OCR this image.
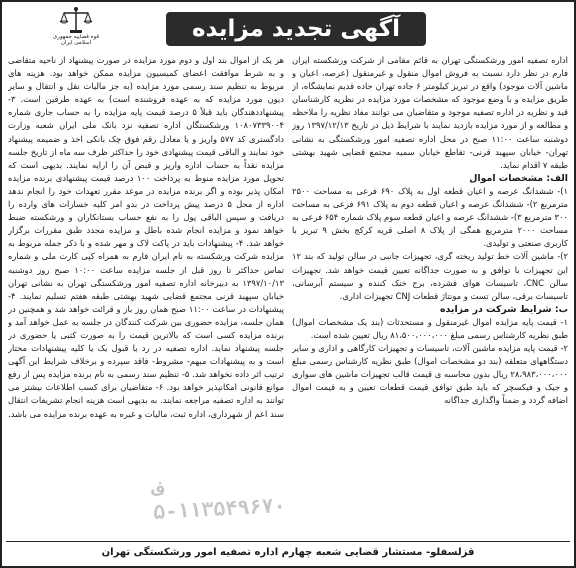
آگهی تجدید مزایده
قوه قضاییه جمهوری اسلامی ایران

اداره تصفیه امور ورشکستگی تهران به قائم مقامی از شرکت ورشکسته ایران فارم در نظر دارد نسبت به فروش اموال منقول و غیرمنقول (عرصه، اعیان و ماشین آلات موجود) واقع در تبریز کیلومتر ۶ جاده تهران جاده قدیم نمایشگاه، از طریق مزایده و با وضع موجود که مشخصات مورد مزایده در نظریه کارشناسان قید و نظریه در اداره تصفیه موجود و متقاضیان می توانند مفاد نظریه را ملاحظه و مطالعه و از مورد مزایده بازدید نمایند با شرایط ذیل در تاریخ ۱۳۹۷/۱۲/۱۳ روز دوشنبه ساعت ۱۱:۰۰ صبح در محل اداره تصفیه امور ورشکستگی به نشانی تهران- خیابان سپهبد قرنی- تقاطع خیابان سمیه مجتمع قضایی شهید بهشتی طبقه ۷ اقدام نماید.

الف: مشخصات اموال

۱)- ششدانگ عرصه و اعیان قطعه اول به پلاک ۶۹۰ فرعی به مساحت ۲۵۰۰ مترمربع ۲)- ششدانگ عرصه و اعیان قطعه دوم به پلاک ۶۹۱ فرعی به مساحت ۳۰۰ مترمربع ۳)- ششدانگ عرصه و اعیان قطعه سوم پلاک شماره ۶۵۴ فرعی به مساحت ۲۰۰۰ مترمربع همگی از پلاک ۸ اصلی قریه کرکج بخش ۹ تبریز با کاربری صنعتی و تولیدی.

۲)- ماشین آلات خط تولید ریخته گری، تجهیزات جانبی در سالن تولید که بند ۱۲ این تجهیزات با توافق و به صورت جداگانه تعیین قیمت خواهد شد. تجهیزات سالن CNC، تاسیسات هوای فشرده، برج خنک کننده و سیستم آبرسانی، تاسیسات برقی، سالن تست و مونتاژ قطعات CNJ تجهیزات اداری.

ب: شرایط شرکت در مزایده

۱- قیمت پایه مزایده اموال غیرمنقول و مستحدثات (بند یک مشخصات اموال) طبق نظریه کارشناس رسمی مبلغ ۸۱،۵۰۰،۰۰۰،۰۰۰ ریال تعیین شده است.

۲- قیمت پایه مزایده ماشین آلات، تاسیسات و تجهیزات کارگاهی و اداری و سایر دستگاههای متعلقه (بند دو مشخصات اموال) طبق نظریه کارشناس رسمی مبلغ ۲۸،۹۸۳،۰۰۰،۰۰۰ ریال بدون محاسبه ی قیمت قالب تجهیزات ماشین های سواری و جیک و فیکسچر که باید طبق توافق قیمت قطعات تعیین و به قیمت اموال اضافه گردد و ضمناً واگذاری جداگانه

هر یک از اموال بند اول و دوم مورد مزایده در صورت پیشنهاد از ناحیه متقاضی و به شرط موافقت اعضای کمیسیون مزایده ممکن خواهد بود. هزینه های مربوط به تنظیم سند رسمی مورد مزایده (به جز مالیات نقل و انتقال و سایر دیون مورد مزایده که به عهده فروشنده است) به عهده طرفین است. ۳- پیشنهاددهندگان باید قبلاً ۵ درصد قیمت پایه مزایده را به حساب جاری شماره ۱۰۸۰۷۳۳۹۰۰۴ ورشکستگان اداره تصفیه نزد بانک ملی ایران شعبه وزارت دادگستری کد ۵۷۷ واریز و یا معادل رقم فوق چک بانکی اخذ و ضمیمه پیشنهاد خود نمایند و الباقی قیمت پیشنهادی خود را حداکثر ظرف سه ماه از تاریخ جلسه مزایده نقداً به حساب اداره واریز و قبض آن را ارایه نمایند. بدیهی است که تحویل مورد مزایده منوط به پرداخت ۱۰۰ درصد قیمت پیشنهادی برنده مزایده امکان پذیر بوده و اگر برنده مزایده در موعد مقرر تعهدات خود را انجام ندهد اداره از محل ۵ درصد پیش پرداخت در بدو امر کلیه خسارات های وارده را دریافت و سپس الباقی پول را به نفع حساب بستانکاران و ورشکسته ضبط خواهد نمود و مزایده انجام شده باطل و مزایده مجدد طبق مقررات برگزار خواهد شد. ۴- پیشنهادات باید در پاکت لاک و مهر شده و با ذکر جمله مربوط به مزایده شرکت ورشکسته به نام ایران فارم به همراه کپی کارت ملی و شماره تماس حداکثر تا روز قبل از جلسه مزایده ساعت ۱۰:۰۰ صبح روز دوشنبه ۱۳۹۷/۱۰/۱۳ به دبیرخانه اداره تصفیه امور ورشکستگی تهران به نشانی تهران خیابان سپهبد قرنی مجتمع قضایی شهید بهشتی طبقه هفتم تسلیم نمایند. ۴- پیشنهادات در ساعت ۱۱:۰۰ صبح همان روز باز و قرائت خواهد شد و همچنین در همان جلسه، مزایده حضوری بین شرکت کنندگان در جلسه به عمل خواهد آمد و برنده مزایده کسی است که بالاترین قیمت را به صورت کتبی یا حضوری در جلسه پیشنهاد نماید. اداره تصفیه در رد یا قبول یک یا کلیه پیشنهادات مختار است و به پیشنهادات مبهم- مشروط- فاقد سپرده و برخلاف شرایط این آگهی ترتیب اثر داده نخواهد شد. ۵- تنظیم سند رسمی به نام برنده مزایده پس از رفع موانع قانونی امکانپذیر خواهد بود. ۶- متقاضیان برای کسب اطلاعات بیشتر می توانند به اداره تصفیه مراجعه نمایند. به بدیهی است هزینه انجام تشریفات انتقال سند اعم از شهرداری، اداره ثبت، مالیات و غیره به عهده برنده مزایده می باشد.

ف ۱۱۳۵۴۹۶۷۰-۵
قزلسفلو- مستشار قضایی شعبه چهارم اداره تصفیه امور ورشکستگی تهران
